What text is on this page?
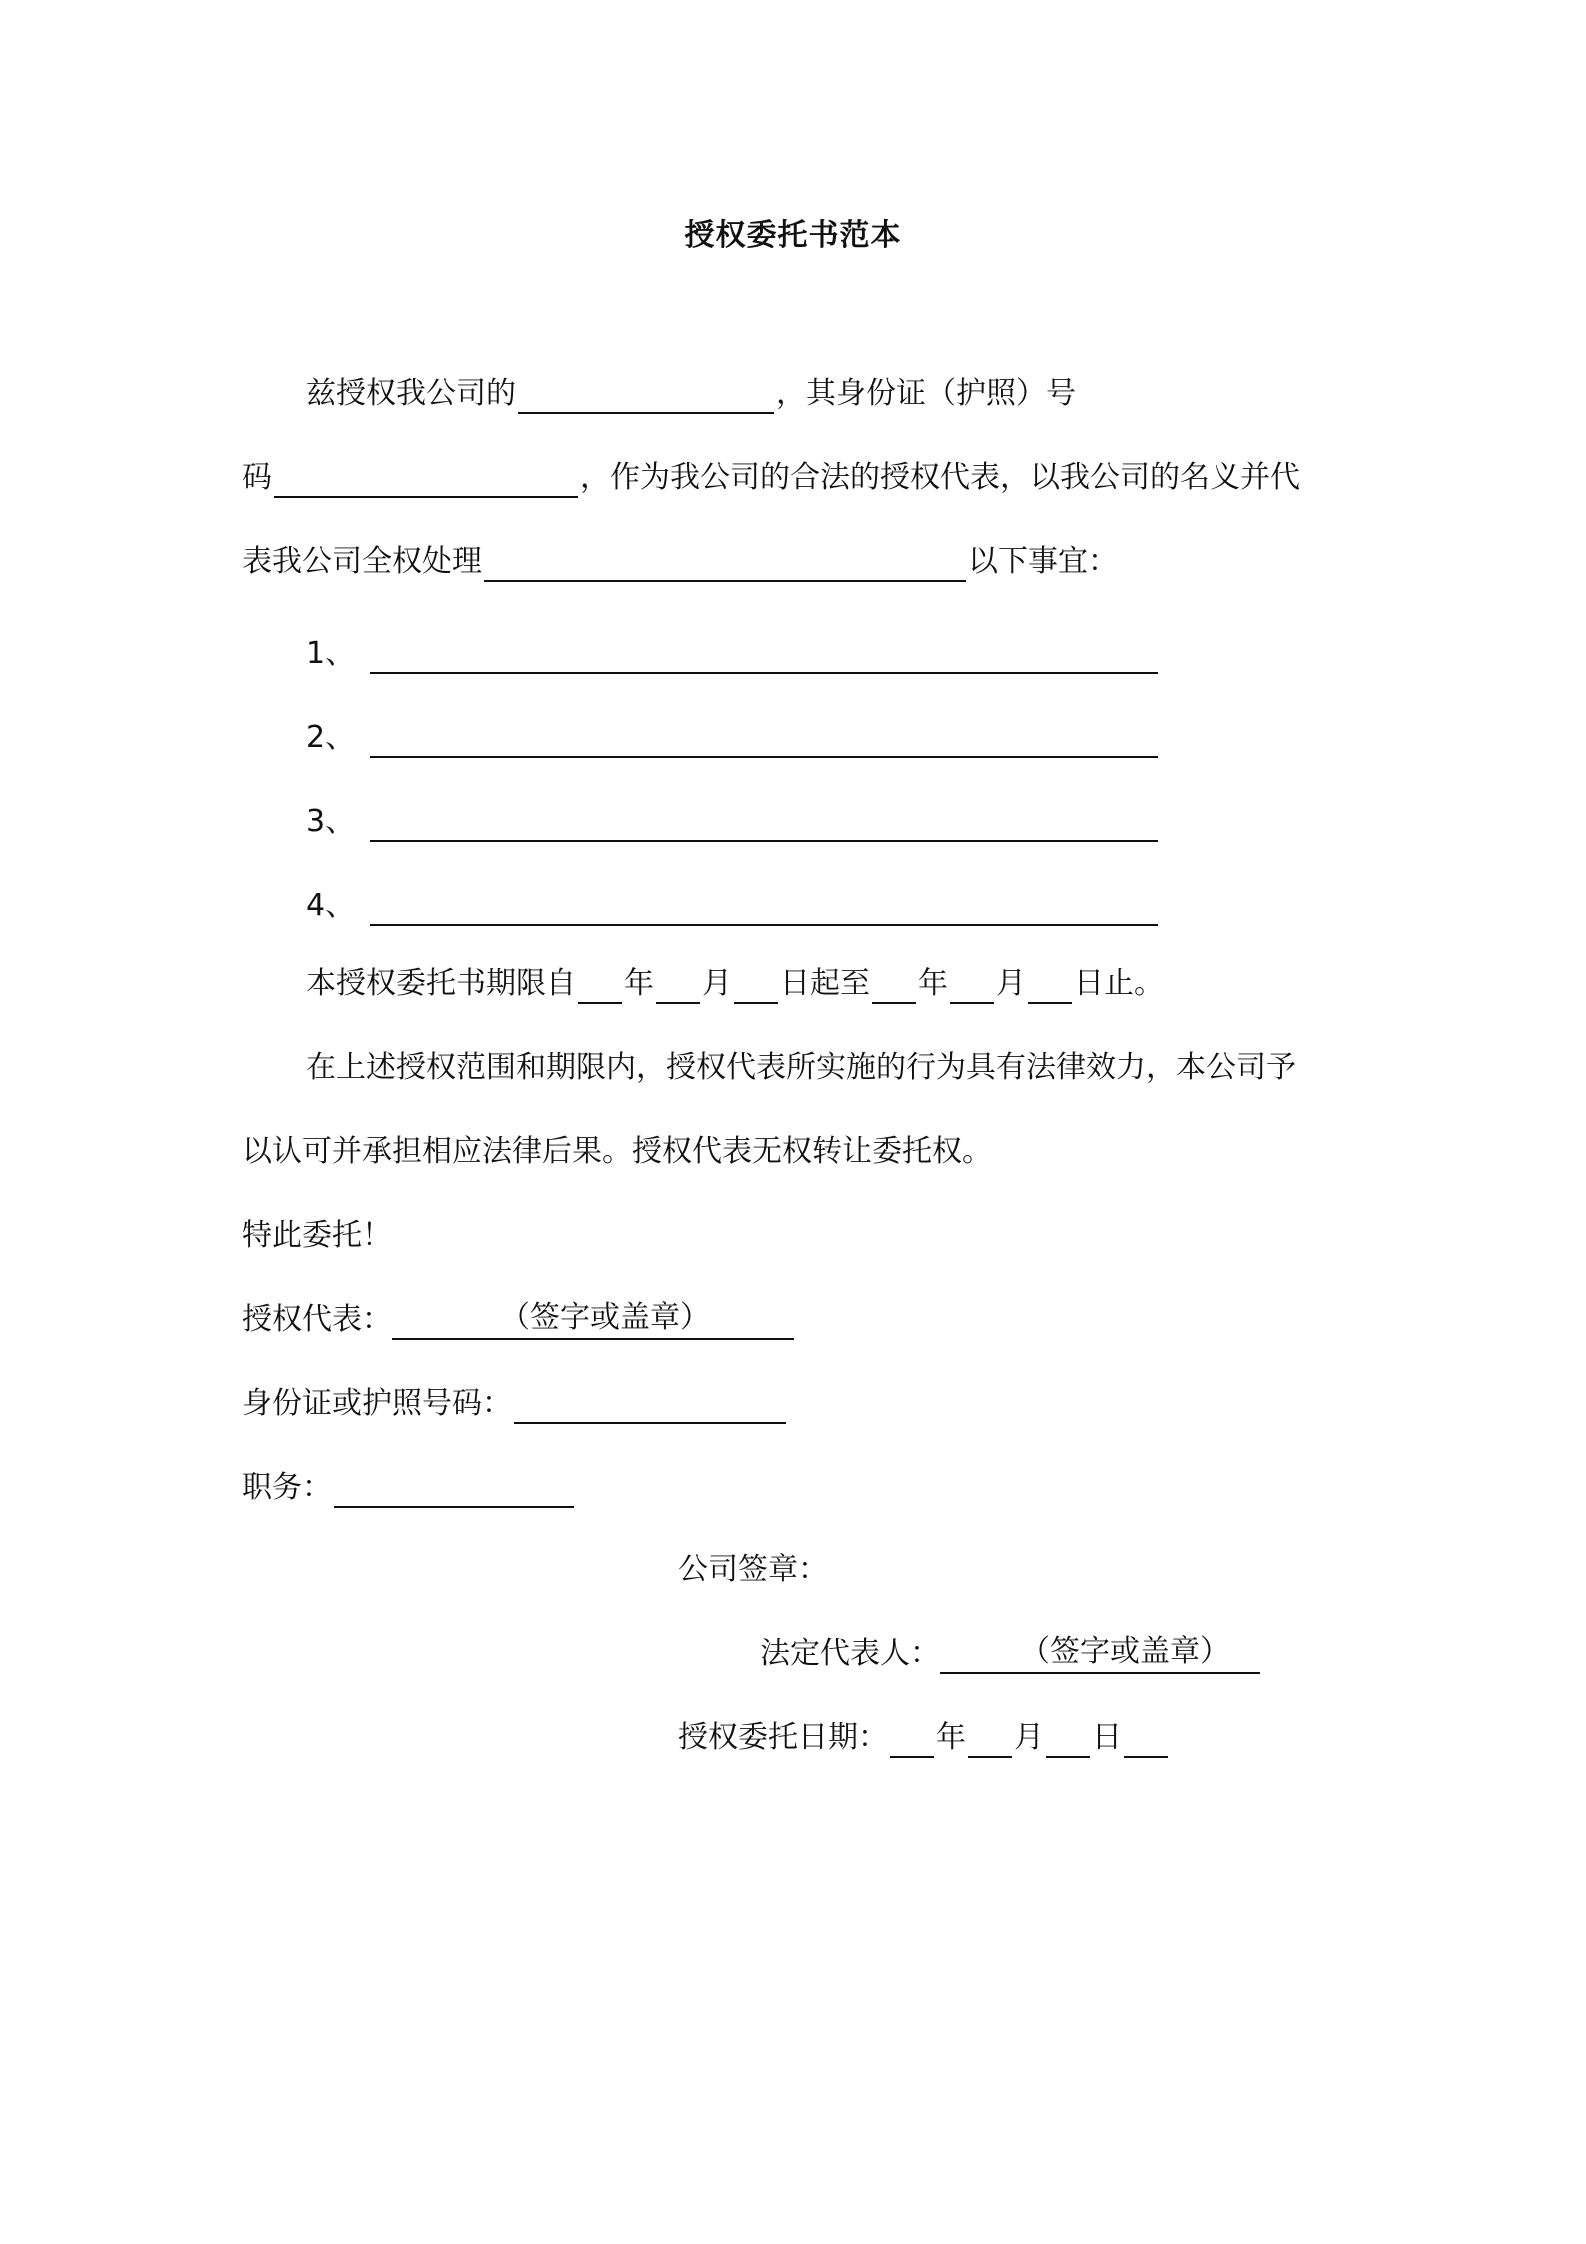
授权委托书范本
兹授权我公司的	，其身份证（护照）号
码	，作为我公司的合法的授权代表，以我公司的名义并代
表我公司全权处理	以下事宜：
1、
2、
3、
4、
本授权委托书期限自 年 月 日起至 年 月 日止。
在上述授权范围和期限内，授权代表所实施的行为具有法律效力，本公司予
以认可并承担相应法律后果。授权代表无权转让委托权。
特此委托！
授权代表：	（签字或盖章）
身份证或护照号码：
职务：
公司签章：
法定代表人：	（签字或盖章）
授权委托日期： 年 月 日
